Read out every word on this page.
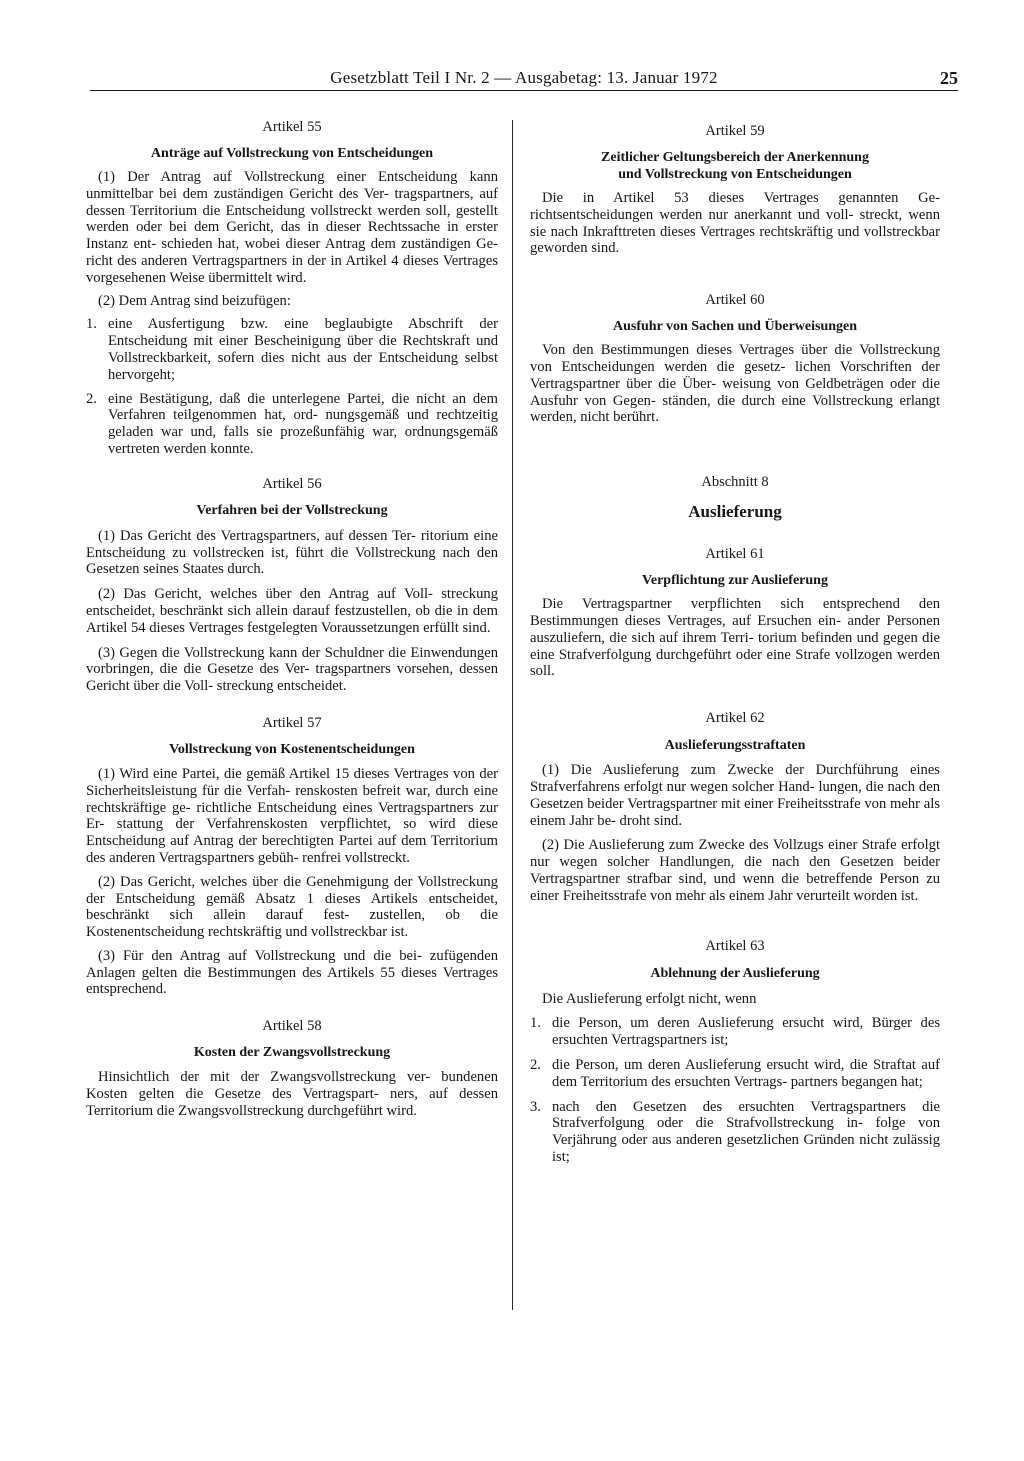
Gesetzblatt Teil I Nr. 2 — Ausgabetag: 13. Januar 1972	25

Artikel 55

Anträge auf Vollstreckung von Entscheidungen

(1) Der Antrag auf Vollstreckung einer Entscheidung kann unmittelbar bei dem zuständigen Gericht des Ver- tragspartners, auf dessen Territorium die Entscheidung vollstreckt werden soll, gestellt werden oder bei dem Gericht, das in dieser Rechtssache in erster Instanz ent- schieden hat, wobei dieser Antrag dem zuständigen Ge- richt des anderen Vertragspartners in der in Artikel 4 dieses Vertrages vorgesehenen Weise übermittelt wird.

(2) Dem Antrag sind beizufügen:

1. eine Ausfertigung bzw. eine beglaubigte Abschrift der Entscheidung mit einer Bescheinigung über die Rechtskraft und Vollstreckbarkeit, sofern dies nicht aus der Entscheidung selbst hervorgeht;
2. eine Bestätigung, daß die unterlegene Partei, die nicht an dem Verfahren teilgenommen hat, ord- nungsgemäß und rechtzeitig geladen war und, falls sie prozeßunfähig war, ordnungsgemäß vertreten werden konnte.

Artikel 56

Verfahren bei der Vollstreckung

(1) Das Gericht des Vertragspartners, auf dessen Ter- ritorium eine Entscheidung zu vollstrecken ist, führt die Vollstreckung nach den Gesetzen seines Staates durch.

(2) Das Gericht, welches über den Antrag auf Voll- streckung entscheidet, beschränkt sich allein darauf festzustellen, ob die in dem Artikel 54 dieses Vertrages festgelegten Voraussetzungen erfüllt sind.

(3) Gegen die Vollstreckung kann der Schuldner die Einwendungen vorbringen, die die Gesetze des Ver- tragspartners vorsehen, dessen Gericht über die Voll- streckung entscheidet.

Artikel 57

Vollstreckung von Kostenentscheidungen

(1) Wird eine Partei, die gemäß Artikel 15 dieses Vertrages von der Sicherheitsleistung für die Verfah- renskosten befreit war, durch eine rechtskräftige ge- richtliche Entscheidung eines Vertragspartners zur Er- stattung der Verfahrenskosten verpflichtet, so wird diese Entscheidung auf Antrag der berechtigten Partei auf dem Territorium des anderen Vertragspartners gebüh- renfrei vollstreckt.

(2) Das Gericht, welches über die Genehmigung der Vollstreckung der Entscheidung gemäß Absatz 1 dieses Artikels entscheidet, beschränkt sich allein darauf fest- zustellen, ob die Kostenentscheidung rechtskräftig und vollstreckbar ist.

(3) Für den Antrag auf Vollstreckung und die bei- zufügenden Anlagen gelten die Bestimmungen des Artikels 55 dieses Vertrages entsprechend.

Artikel 58

Kosten der Zwangsvollstreckung

Hinsichtlich der mit der Zwangsvollstreckung ver- bundenen Kosten gelten die Gesetze des Vertragspart- ners, auf dessen Territorium die Zwangsvollstreckung durchgeführt wird.

Artikel 59

Zeitlicher Geltungsbereich der Anerkennung

und Vollstreckung von Entscheidungen

Die in Artikel 53 dieses Vertrages genannten Ge- richtsentscheidungen werden nur anerkannt und voll- streckt, wenn sie nach Inkrafttreten dieses Vertrages rechtskräftig und vollstreckbar geworden sind.

Artikel 60

Ausfuhr von Sachen und Überweisungen

Von den Bestimmungen dieses Vertrages über die Vollstreckung von Entscheidungen werden die gesetz- lichen Vorschriften der Vertragspartner über die Über- weisung von Geldbeträgen oder die Ausfuhr von Gegen- ständen, die durch eine Vollstreckung erlangt werden, nicht berührt.

Abschnitt 8

Auslieferung

Artikel 61

Verpflichtung zur Auslieferung

Die Vertragspartner verpflichten sich entsprechend den Bestimmungen dieses Vertrages, auf Ersuchen ein- ander Personen auszuliefern, die sich auf ihrem Terri- torium befinden und gegen die eine Strafverfolgung durchgeführt oder eine Strafe vollzogen werden soll.

Artikel 62

Auslieferungsstraftaten

(1) Die Auslieferung zum Zwecke der Durchführung eines Strafverfahrens erfolgt nur wegen solcher Hand- lungen, die nach den Gesetzen beider Vertragspartner mit einer Freiheitsstrafe von mehr als einem Jahr be- droht sind.

(2) Die Auslieferung zum Zwecke des Vollzugs einer Strafe erfolgt nur wegen solcher Handlungen, die nach den Gesetzen beider Vertragspartner strafbar sind, und wenn die betreffende Person zu einer Freiheitsstrafe von mehr als einem Jahr verurteilt worden ist.

Artikel 63

Ablehnung der Auslieferung

Die Auslieferung erfolgt nicht, wenn

1. die Person, um deren Auslieferung ersucht wird, Bürger des ersuchten Vertragspartners ist;
2. die Person, um deren Auslieferung ersucht wird, die Straftat auf dem Territorium des ersuchten Vertrags- partners begangen hat;
3. nach den Gesetzen des ersuchten Vertragspartners die Strafverfolgung oder die Strafvollstreckung in- folge von Verjährung oder aus anderen gesetzlichen Gründen nicht zulässig ist;
